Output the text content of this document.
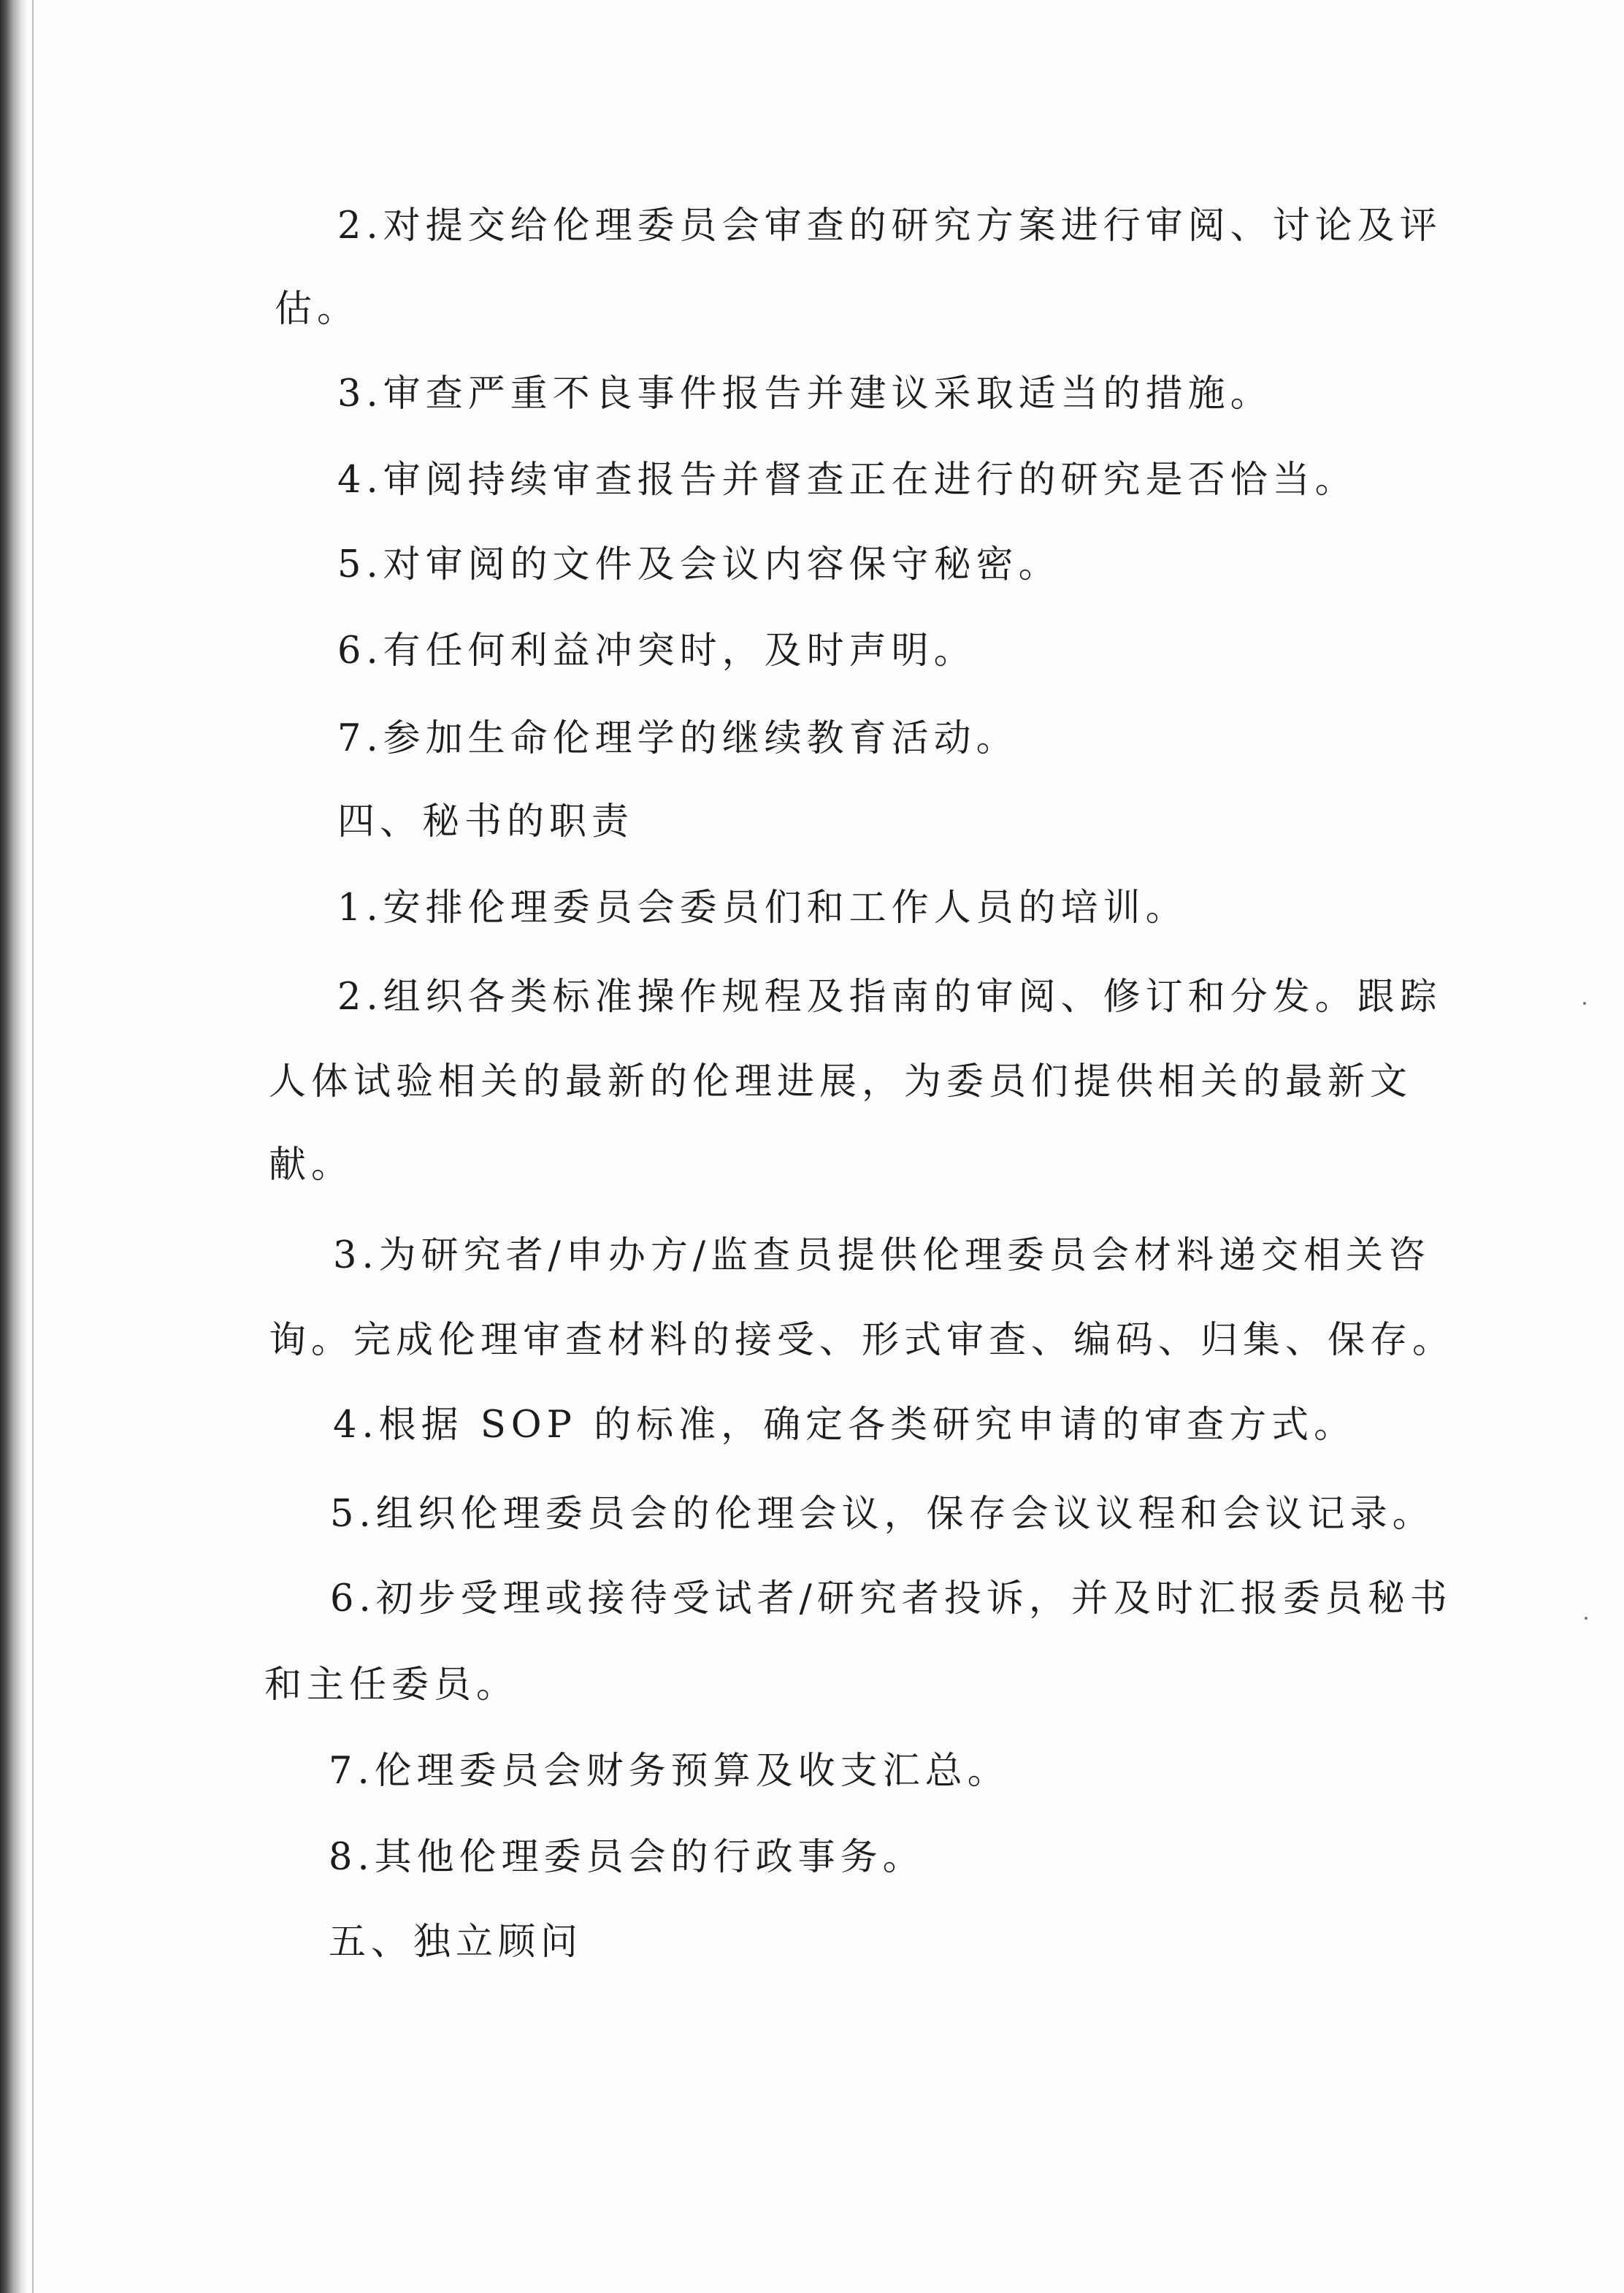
2.对提交给伦理委员会审查的研究方案进行审阅、讨论及评
估。
3.审查严重不良事件报告并建议采取适当的措施。
4.审阅持续审查报告并督查正在进行的研究是否恰当。
5.对审阅的文件及会议内容保守秘密。
6.有任何利益冲突时，及时声明。
7.参加生命伦理学的继续教育活动。
四、秘书的职责
1.安排伦理委员会委员们和工作人员的培训。
2.组织各类标准操作规程及指南的审阅、修订和分发。跟踪
人体试验相关的最新的伦理进展，为委员们提供相关的最新文
献。
3.为研究者/申办方/监查员提供伦理委员会材料递交相关咨
询。完成伦理审查材料的接受、形式审查、编码、归集、保存。
4.根据 SOP 的标准，确定各类研究申请的审查方式。
5.组织伦理委员会的伦理会议，保存会议议程和会议记录。
6.初步受理或接待受试者/研究者投诉，并及时汇报委员秘书
和主任委员。
7.伦理委员会财务预算及收支汇总。
8.其他伦理委员会的行政事务。
五、独立顾问
